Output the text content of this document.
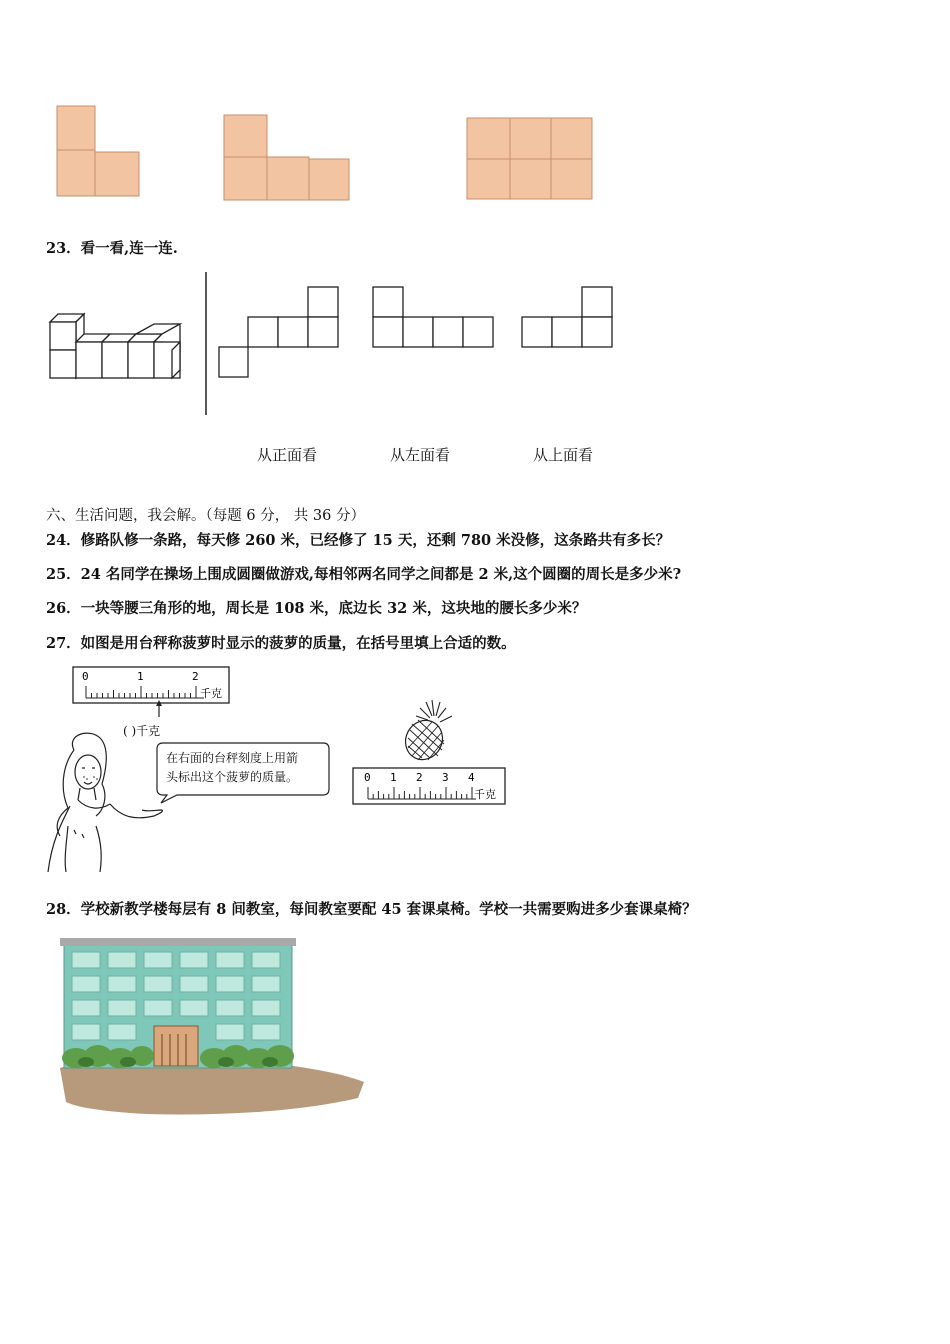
23．看一看,连一连.
从正面看	从左面看	从上面看
六、生活问题，我会解。（每题 6 分， 共 36 分）
24．修路队修一条路，每天修 260 米，已经修了 15 天，还剩 780 米没修，这条路共有多长？
25．24 名同学在操场上围成圆圈做游戏,每相邻两名同学之间都是 2 米,这个圆圈的周长是多少米?
26．一块等腰三角形的地，周长是 108 米，底边长 32 米，这块地的腰长多少米？
27．如图是用台秤称菠萝时显示的菠萝的质量，在括号里填上合适的数。
0	1	2
千克
( )千克
在右面的台秤刻度上用箭
头标出这个菠萝的质量。	0 1 2 3 4
千克
28．学校新教学楼每层有 8 间教室，每间教室要配 45 套课桌椅。学校一共需要购进多少套课桌椅？
